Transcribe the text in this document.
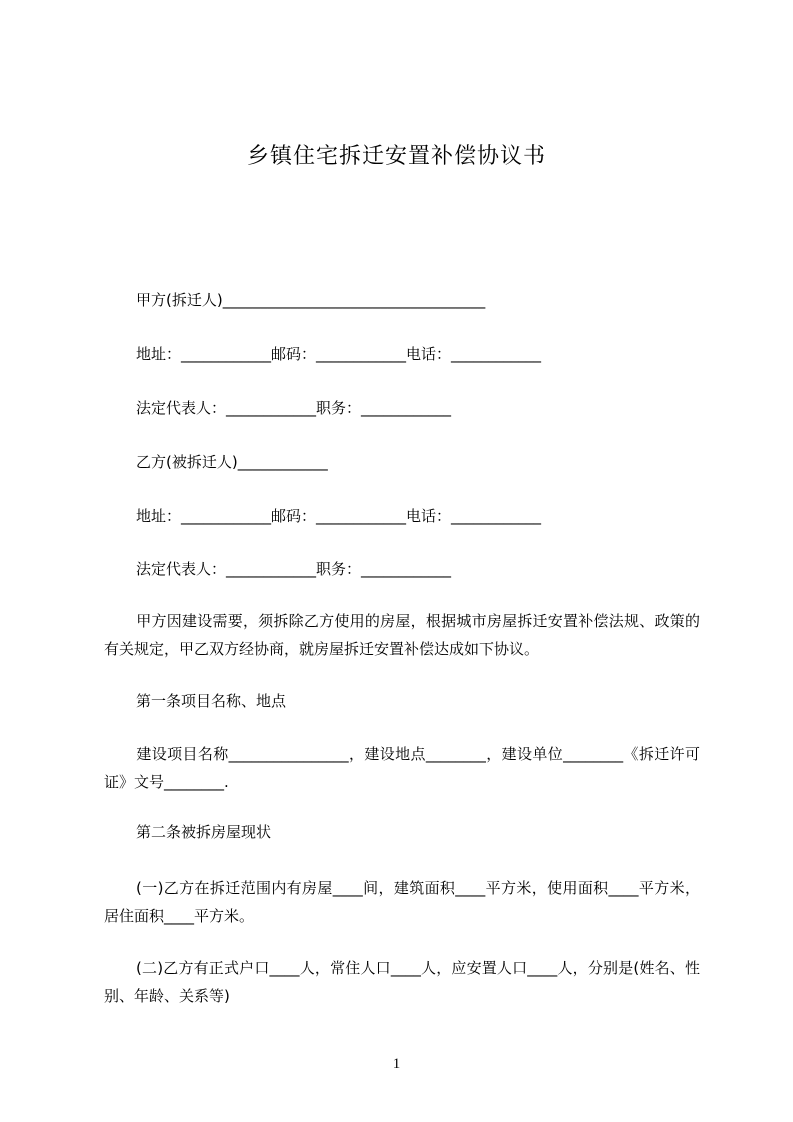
乡镇住宅拆迁安置补偿协议书
甲方(拆迁人)___________________________________
地址：____________邮码：____________电话：____________
法定代表人：____________职务：____________
乙方(被拆迁人)____________
地址：____________邮码：____________电话：____________
法定代表人：____________职务：____________
甲方因建设需要，须拆除乙方使用的房屋，根据城市房屋拆迁安置补偿法规、政策的有关规定，甲乙双方经协商，就房屋拆迁安置补偿达成如下协议。
第一条项目名称、地点
建设项目名称________________，建设地点________，建设单位________《拆迁许可证》文号________.
第二条被拆房屋现状
(一)乙方在拆迁范围内有房屋____间，建筑面积____平方米，使用面积____平方米，居住面积____平方米。
(二)乙方有正式户口____人，常住人口____人，应安置人口____人，分别是(姓名、性别、年龄、关系等)
1
